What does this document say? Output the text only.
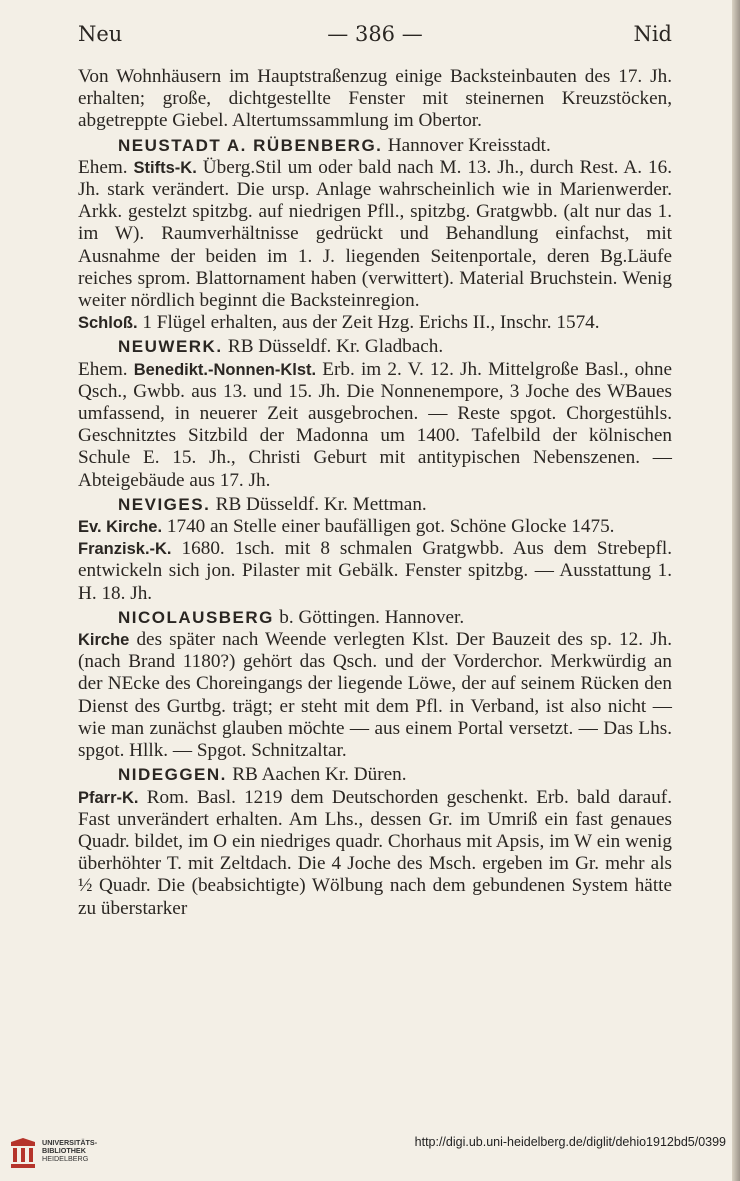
Neu	— 386 —	Nid

Von Wohnhäusern im Hauptstraßenzug einige Backsteinbauten des 17. Jh. erhalten; große, dichtgestellte Fenster mit steinernen Kreuzstöcken, abgetreppte Giebel. Altertumssammlung im Obertor.

NEUSTADT A. RÜBENBERG. Hannover Kreisstadt.

Ehem. Stifts-K. Überg.Stil um oder bald nach M. 13. Jh., durch Rest. A. 16. Jh. stark verändert. Die ursp. Anlage wahrscheinlich wie in Marienwerder. Arkk. gestelzt spitzbg. auf niedrigen Pfll., spitzbg. Gratgwbb. (alt nur das 1. im W). Raumverhältnisse gedrückt und Behandlung einfachst, mit Ausnahme der beiden im 1. J. liegenden Seitenportale, deren Bg.Läufe reiches sprom. Blattornament haben (verwittert). Material Bruchstein. Wenig weiter nördlich beginnt die Backsteinregion.

Schloß. 1 Flügel erhalten, aus der Zeit Hzg. Erichs II., Inschr. 1574.

NEUWERK. RB Düsseldf. Kr. Gladbach.

Ehem. Benedikt.-Nonnen-Klst. Erb. im 2. V. 12. Jh. Mittelgroße Basl., ohne Qsch., Gwbb. aus 13. und 15. Jh. Die Nonnenempore, 3 Joche des WBaues umfassend, in neuerer Zeit ausgebrochen. — Reste spgot. Chorgestühls. Geschnitztes Sitzbild der Madonna um 1400. Tafelbild der kölnischen Schule E. 15. Jh., Christi Geburt mit antitypischen Nebenszenen. — Abteigebäude aus 17. Jh.

NEVIGES. RB Düsseldf. Kr. Mettman.

Ev. Kirche. 1740 an Stelle einer baufälligen got. Schöne Glocke 1475.

Franzisk.-K. 1680. 1sch. mit 8 schmalen Gratgwbb. Aus dem Strebepfl. entwickeln sich jon. Pilaster mit Gebälk. Fenster spitzbg. — Ausstattung 1. H. 18. Jh.

NICOLAUSBERG b. Göttingen. Hannover.

Kirche des später nach Weende verlegten Klst. Der Bauzeit des sp. 12. Jh. (nach Brand 1180?) gehört das Qsch. und der Vorderchor. Merkwürdig an der NEcke des Choreingangs der liegende Löwe, der auf seinem Rücken den Dienst des Gurtbg. trägt; er steht mit dem Pfl. in Verband, ist also nicht — wie man zunächst glauben möchte — aus einem Portal versetzt. — Das Lhs. spgot. Hllk. — Spgot. Schnitzaltar.

NIDEGGEN. RB Aachen Kr. Düren.

Pfarr-K. Rom. Basl. 1219 dem Deutschorden geschenkt. Erb. bald darauf. Fast unverändert erhalten. Am Lhs., dessen Gr. im Umriß ein fast genaues Quadr. bildet, im O ein niedriges quadr. Chorhaus mit Apsis, im W ein wenig überhöhter T. mit Zeltdach. Die 4 Joche des Msch. ergeben im Gr. mehr als ½ Quadr. Die (beabsichtigte) Wölbung nach dem gebundenen System hätte zu überstarker

UNIVERSITÄTS-
BIBLIOTHEK
HEIDELBERG
http://digi.ub.uni-heidelberg.de/diglit/dehio1912bd5/0399
